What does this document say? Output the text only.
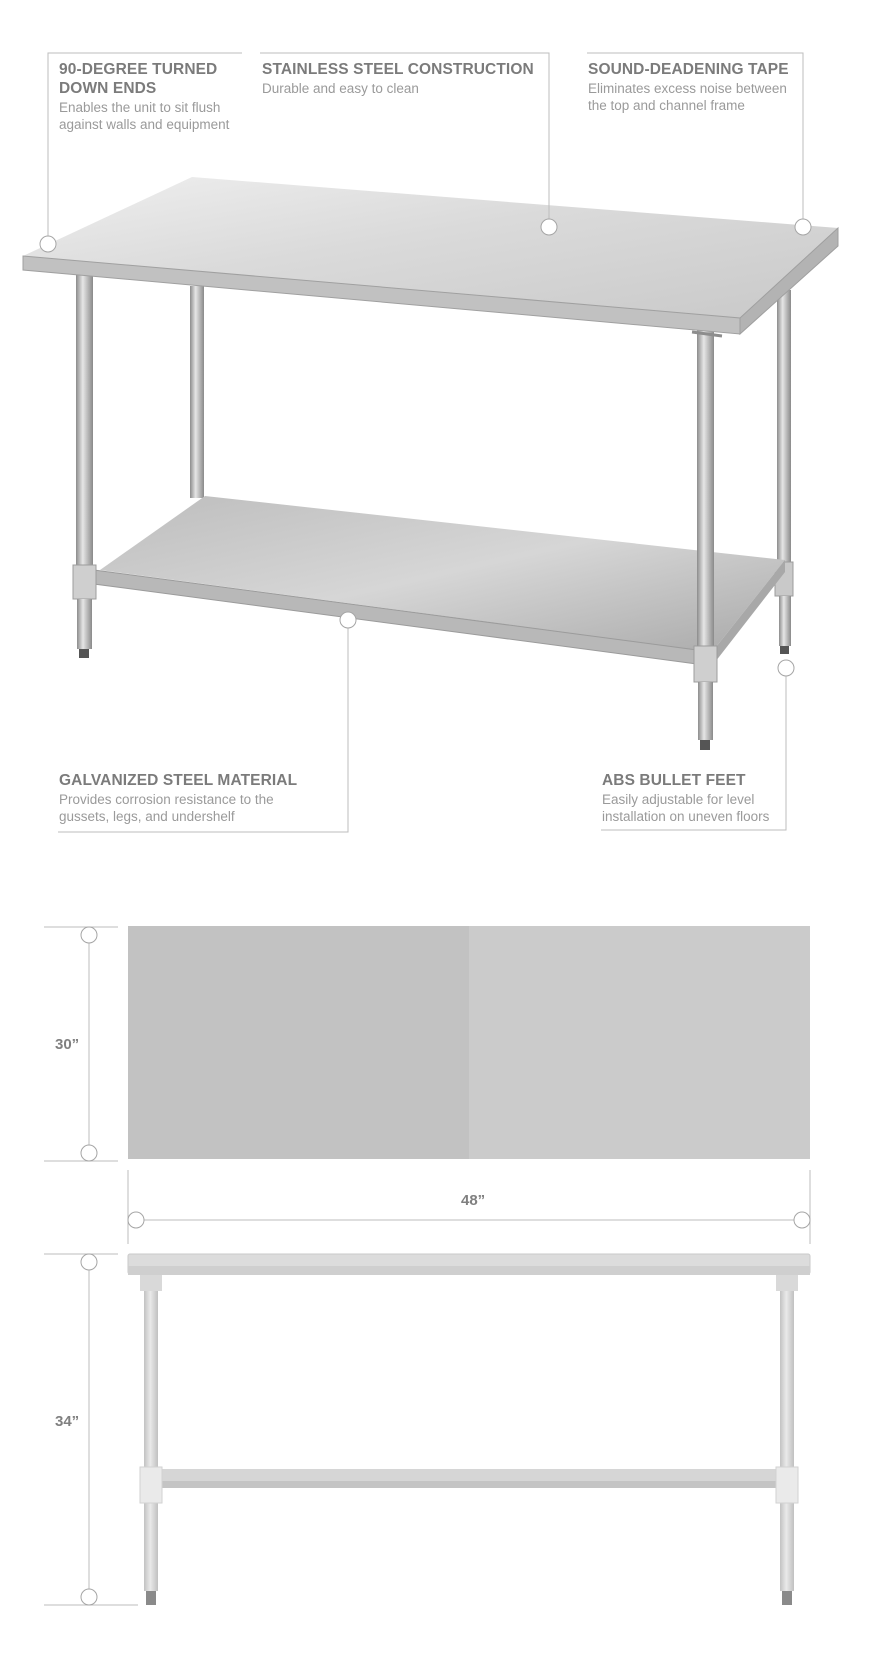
90-DEGREE TURNED DOWN ENDS
Enables the unit to sit flush against walls and equipment
STAINLESS STEEL CONSTRUCTION
Durable and easy to clean
SOUND-DEADENING TAPE
Eliminates excess noise between the top and channel frame
GALVANIZED STEEL MATERIAL
Provides corrosion resistance to the gussets, legs, and undershelf
ABS BULLET FEET
Easily adjustable for level installation on uneven floors
30”
48”
34”
